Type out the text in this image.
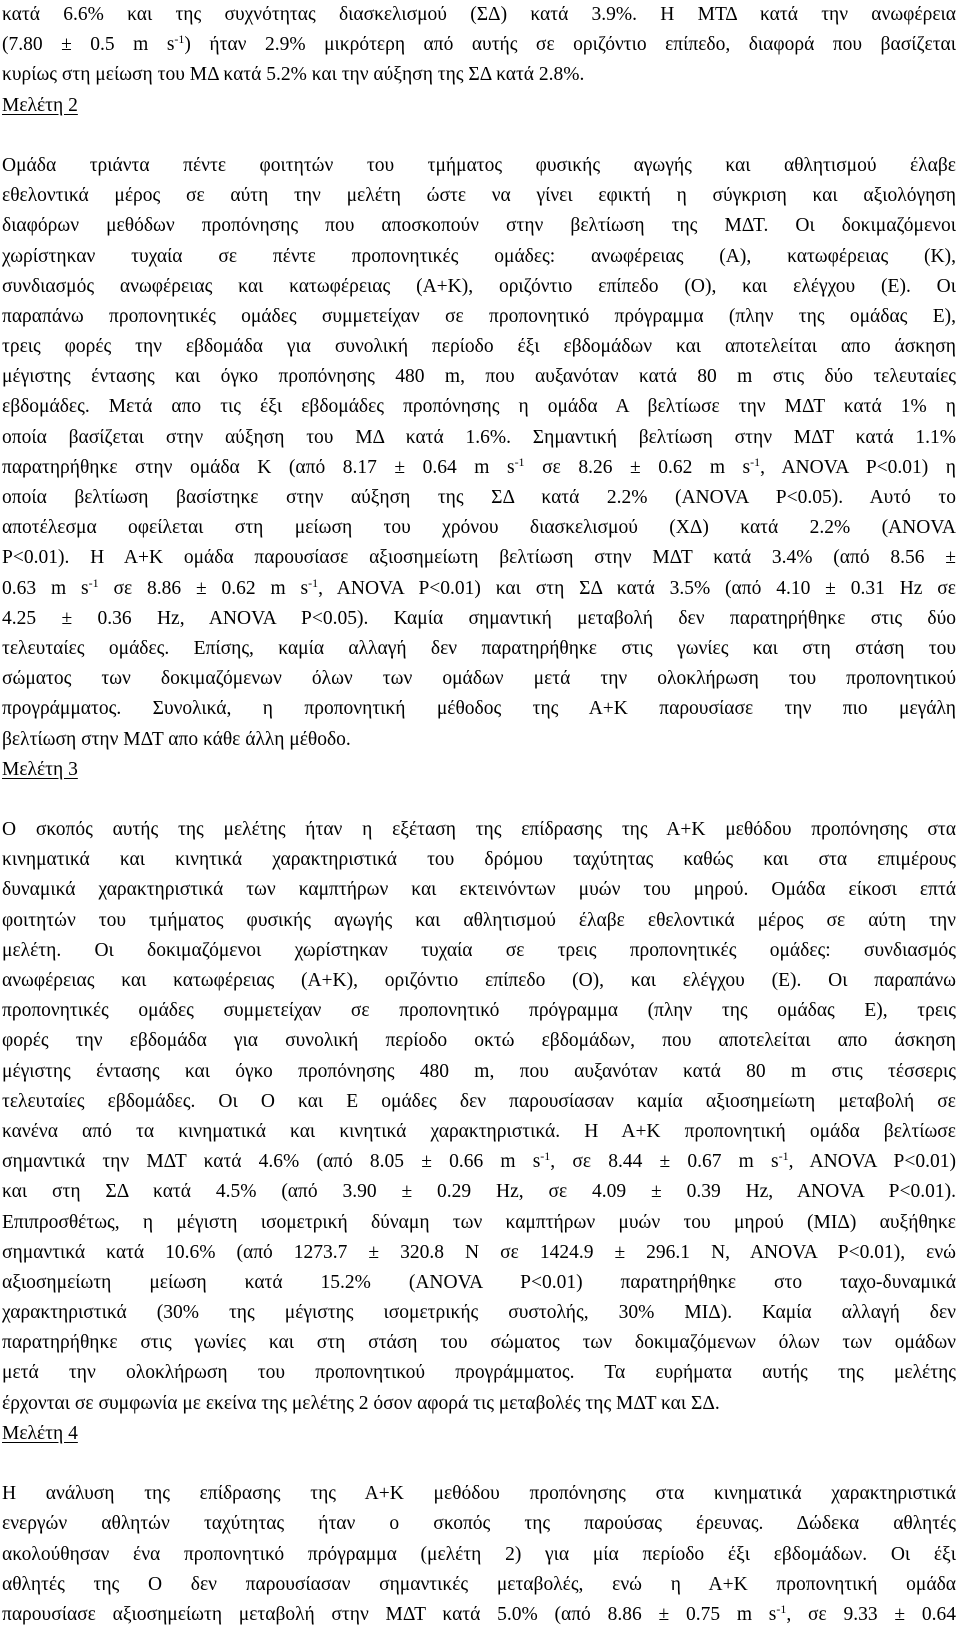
κατά 6.6% και της συχνότητας διασκελισμού (ΣΔ) κατά 3.9%. Η ΜΤΔ κατά την ανωφέρεια
(7.80 ± 0.5 m $s^{-1}$) ήταν 2.9% μικρότερη από αυτής σε οριζόντιο επίπεδο, διαφορά που βασίζεται
κυρίως στη μείωση του ΜΔ κατά 5.2% και την αύξηση της ΣΔ κατά 2.8%.
Μελέτη 2
Ομάδα τριάντα πέντε φοιτητών του τμήματος φυσικής αγωγής και αθλητισμού έλαβε
εθελοντικά μέρος σε αύτη την μελέτη ώστε να γίνει εφικτή η σύγκριση και αξιολόγηση
διαφόρων μεθόδων προπόνησης που αποσκοπούν στην βελτίωση της ΜΔΤ. Οι δοκιμαζόμενοι
χωρίστηκαν τυχαία σε πέντε προπονητικές ομάδες: ανωφέρειας (Α), κατωφέρειας (Κ),
συνδιασμός ανωφέρειας και κατωφέρειας (Α+Κ), οριζόντιο επίπεδο (Ο), και ελέγχου (Ε). Οι
παραπάνω προπονητικές ομάδες συμμετείχαν σε προπονητικό πρόγραμμα (πλην της ομάδας Ε),
τρεις φορές την εβδομάδα για συνολική περίοδο έξι εβδομάδων και αποτελείται απο άσκηση
μέγιστης έντασης και όγκο προπόνησης 480 m, που αυξανόταν κατά 80 m στις δύο τελευταίες
εβδομάδες. Μετά απο τις έξι εβδομάδες προπόνησης η ομάδα Α βελτίωσε την ΜΔΤ κατά 1% η
οποία βασίζεται στην αύξηση του ΜΔ κατά 1.6%. Σημαντική βελτίωση στην ΜΔΤ κατά 1.1%
παρατηρήθηκε στην ομάδα Κ (από 8.17 ± 0.64 m $s^{-1}$ σε 8.26 ± 0.62 m $s^{-1}$, ANOVA P<0.01) η
οποία βελτίωση βασίστηκε στην αύξηση της ΣΔ κατά 2.2% (ANOVA P<0.05). Αυτό το
αποτέλεσμα οφείλεται στη μείωση του χρόνου διασκελισμού (ΧΔ) κατά 2.2% (ANOVA
P<0.01). Η Α+Κ ομάδα παρουσίασε αξιοσημείωτη βελτίωση στην ΜΔΤ κατά 3.4% (από 8.56 ±
0.63 m $s^{-1}$ σε 8.86 ± 0.62 m $s^{-1}$, ANOVA P<0.01) και στη ΣΔ κατά 3.5% (από 4.10 ± 0.31 Hz σε
4.25 ± 0.36 Hz, ANOVA P<0.05). Καμία σημαντική μεταβολή δεν παρατηρήθηκε στις δύο
τελευταίες ομάδες. Επίσης, καμία αλλαγή δεν παρατηρήθηκε στις γωνίες και στη στάση του
σώματος των δοκιμαζόμενων όλων των ομάδων μετά την ολοκλήρωση του προπονητικού
προγράμματος. Συνολικά, η προπονητική μέθοδος της Α+Κ παρουσίασε την πιο μεγάλη
βελτίωση στην ΜΔΤ απο κάθε άλλη μέθοδο.
Μελέτη 3
Ο σκοπός αυτής της μελέτης ήταν η εξέταση της επίδρασης της Α+Κ μεθόδου προπόνησης στα
κινηματικά και κινητικά χαρακτηριστικά του δρόμου ταχύτητας καθώς και στα επιμέρους
δυναμικά χαρακτηριστικά των καμπτήρων και εκτεινόντων μυών του μηρού. Ομάδα είκοσι επτά
φοιτητών του τμήματος φυσικής αγωγής και αθλητισμού έλαβε εθελοντικά μέρος σε αύτη την
μελέτη. Οι δοκιμαζόμενοι χωρίστηκαν τυχαία σε τρεις προπονητικές ομάδες: συνδιασμός
ανωφέρειας και κατωφέρειας (Α+Κ), οριζόντιο επίπεδο (Ο), και ελέγχου (Ε). Οι παραπάνω
προπονητικές ομάδες συμμετείχαν σε προπονητικό πρόγραμμα (πλην της ομάδας Ε), τρεις
φορές την εβδομάδα για συνολική περίοδο οκτώ εβδομάδων, που αποτελείται απο άσκηση
μέγιστης έντασης και όγκο προπόνησης 480 m, που αυξανόταν κατά 80 m στις τέσσερις
τελευταίες εβδομάδες. Οι Ο και Ε ομάδες δεν παρουσίασαν καμία αξιοσημείωτη μεταβολή σε
κανένα από τα κινηματικά και κινητικά χαρακτηριστικά. Η Α+Κ προπονητική ομάδα βελτίωσε
σημαντικά την ΜΔΤ κατά 4.6% (από 8.05 ± 0.66 m $s^{-1}$, σε 8.44 ± 0.67 m $s^{-1}$, ANOVA P<0.01)
και στη ΣΔ κατά 4.5% (από 3.90 ± 0.29 Hz, σε 4.09 ± 0.39 Hz, ANOVA P<0.01).
Επιπροσθέτως, η μέγιστη ισομετρική δύναμη των καμπτήρων μυών του μηρού (ΜΙΔ) αυξήθηκε
σημαντικά κατά 10.6% (από 1273.7 ± 320.8 N σε 1424.9 ± 296.1 N, ANOVA P<0.01), ενώ
αξιοσημείωτη μείωση κατά 15.2% (ANOVA P<0.01) παρατηρήθηκε στο ταχο-δυναμικά
χαρακτηριστικά (30% της μέγιστης ισομετρικής συστολής, 30% ΜΙΔ). Καμία αλλαγή δεν
παρατηρήθηκε στις γωνίες και στη στάση του σώματος των δοκιμαζόμενων όλων των ομάδων
μετά την ολοκλήρωση του προπονητικού προγράμματος. Τα ευρήματα αυτής της μελέτης
έρχονται σε συμφωνία με εκείνα της μελέτης 2 όσον αφορά τις μεταβολές της ΜΔΤ και ΣΔ.
Μελέτη 4
Η ανάλυση της επίδρασης της Α+Κ μεθόδου προπόνησης στα κινηματικά χαρακτηριστικά
ενεργών αθλητών ταχύτητας ήταν ο σκοπός της παρούσας έρευνας. Δώδεκα αθλητές
ακολούθησαν ένα προπονητικό πρόγραμμα (μελέτη 2) για μία περίοδο έξι εβδομάδων. Οι έξι
αθλητές της Ο δεν παρουσίασαν σημαντικές μεταβολές, ενώ η Α+Κ προπονητική ομάδα
παρουσίασε αξιοσημείωτη μεταβολή στην ΜΔΤ κατά 5.0% (από 8.86 ± 0.75 m $s^{-1}$, σε 9.33 ± 0.64
